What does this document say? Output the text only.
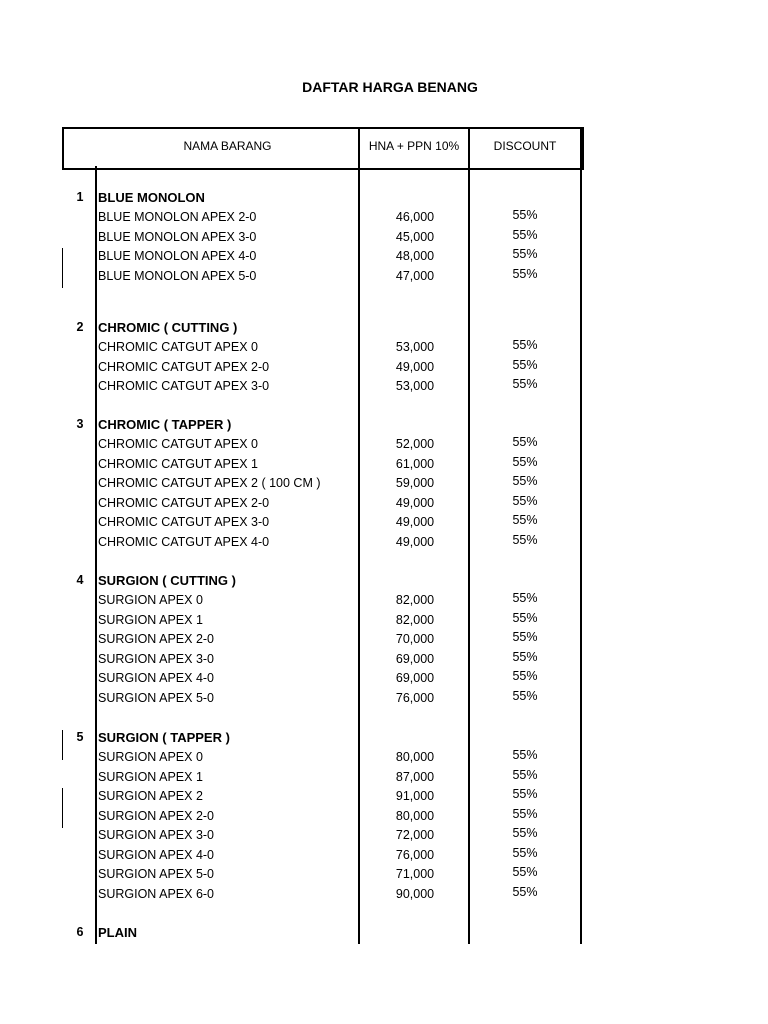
DAFTAR HARGA BENANG
NAMA BARANG	HNA + PPN 10%	DISCOUNT
1	BLUE MONOLON
BLUE MONOLON APEX 2-0	46,000	55%
BLUE MONOLON APEX 3-0	45,000	55%
BLUE MONOLON APEX 4-0	48,000	55%
BLUE MONOLON APEX 5-0	47,000	55%
2	CHROMIC ( CUTTING )
CHROMIC CATGUT APEX 0	53,000	55%
CHROMIC CATGUT APEX 2-0	49,000	55%
CHROMIC CATGUT APEX 3-0	53,000	55%
3	CHROMIC ( TAPPER )
CHROMIC CATGUT APEX 0	52,000	55%
CHROMIC CATGUT APEX 1	61,000	55%
CHROMIC CATGUT APEX 2 ( 100 CM )	59,000	55%
CHROMIC CATGUT APEX 2-0	49,000	55%
CHROMIC CATGUT APEX 3-0	49,000	55%
CHROMIC CATGUT APEX 4-0	49,000	55%
4	SURGION ( CUTTING )
SURGION APEX 0	82,000	55%
SURGION APEX 1	82,000	55%
SURGION APEX 2-0	70,000	55%
SURGION APEX 3-0	69,000	55%
SURGION APEX 4-0	69,000	55%
SURGION APEX 5-0	76,000	55%
5	SURGION ( TAPPER )
SURGION APEX 0	80,000	55%
SURGION APEX 1	87,000	55%
SURGION APEX 2	91,000	55%
SURGION APEX 2-0	80,000	55%
SURGION APEX 3-0	72,000	55%
SURGION APEX 4-0	76,000	55%
SURGION APEX 5-0	71,000	55%
SURGION APEX 6-0	90,000	55%
6	PLAIN
